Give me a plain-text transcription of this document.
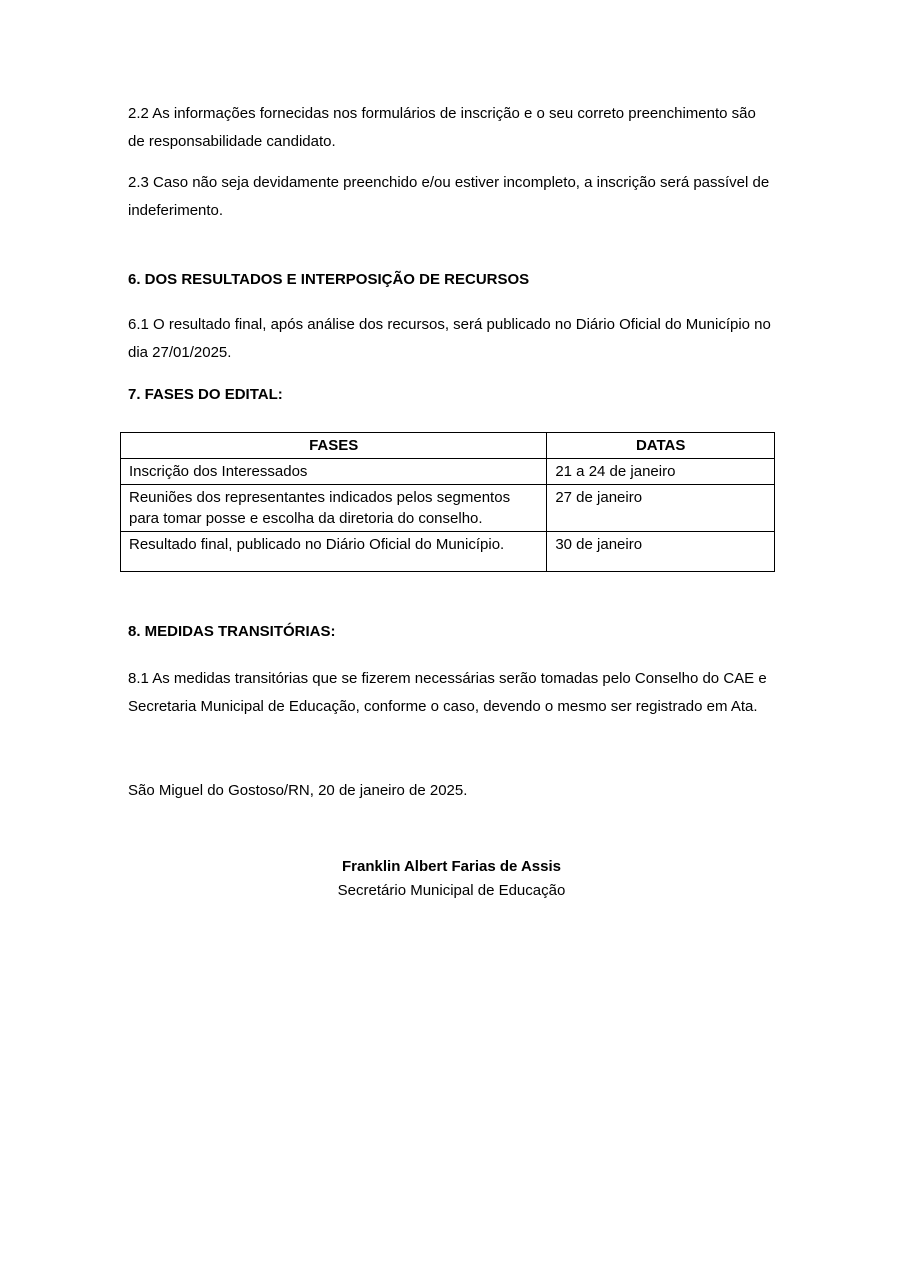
2.2 As informações fornecidas nos formulários de inscrição e o seu correto preenchimento são de responsabilidade candidato.

2.3 Caso não seja devidamente preenchido e/ou estiver incompleto, a inscrição será passível de indeferimento.

6. DOS RESULTADOS E INTERPOSIÇÃO DE RECURSOS

6.1 O resultado final, após análise dos recursos, será publicado no Diário Oficial do Município no dia 27/01/2025.

7. FASES DO EDITAL:
FASES	DATAS
Inscrição dos Interessados	21 a 24 de janeiro
Reuniões dos representantes indicados pelos segmentos para tomar posse e escolha da diretoria do conselho.	27 de janeiro
Resultado final, publicado no Diário Oficial do Município.	30 de janeiro
8. MEDIDAS TRANSITÓRIAS:

8.1 As medidas transitórias que se fizerem necessárias serão tomadas pelo Conselho do CAE e Secretaria Municipal de Educação, conforme o caso, devendo o mesmo ser registrado em Ata.

São Miguel do Gostoso/RN, 20 de janeiro de 2025.

Franklin Albert Farias de Assis
Secretário Municipal de Educação
